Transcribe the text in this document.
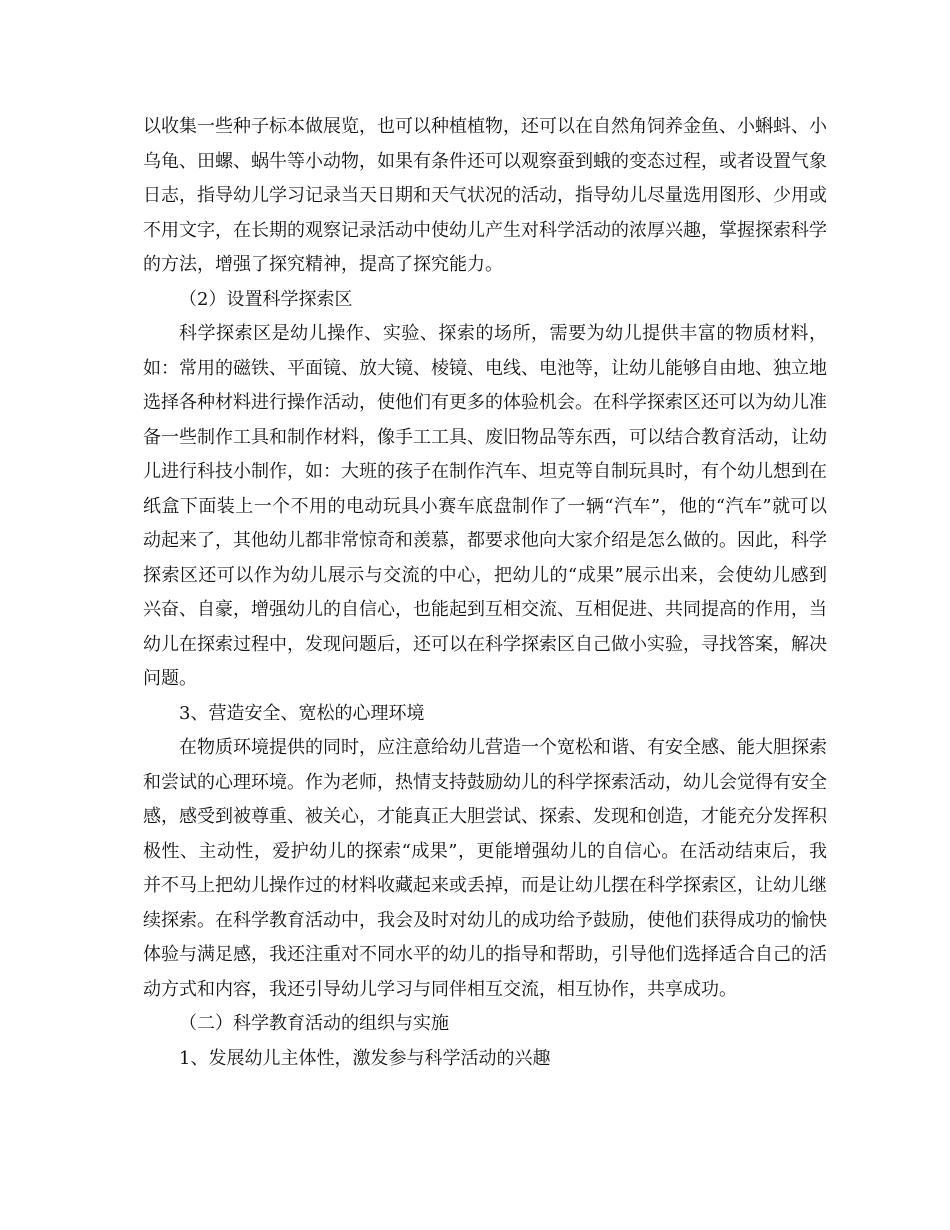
以收集一些种子标本做展览，也可以种植植物，还可以在自然角饲养金鱼、小蝌蚪、小乌龟、田螺、蜗牛等小动物，如果有条件还可以观察蚕到蛾的变态过程，或者设置气象日志，指导幼儿学习记录当天日期和天气状况的活动，指导幼儿尽量选用图形、少用或不用文字，在长期的观察记录活动中使幼儿产生对科学活动的浓厚兴趣，掌握探索科学的方法，增强了探究精神，提高了探究能力。

（2）设置科学探索区

科学探索区是幼儿操作、实验、探索的场所，需要为幼儿提供丰富的物质材料，如：常用的磁铁、平面镜、放大镜、棱镜、电线、电池等，让幼儿能够自由地、独立地选择各种材料进行操作活动，使他们有更多的体验机会。在科学探索区还可以为幼儿准备一些制作工具和制作材料，像手工工具、废旧物品等东西，可以结合教育活动，让幼儿进行科技小制作，如：大班的孩子在制作汽车、坦克等自制玩具时，有个幼儿想到在纸盒下面装上一个不用的电动玩具小赛车底盘制作了一辆“汽车”，他的“汽车”就可以动起来了，其他幼儿都非常惊奇和羡慕，都要求他向大家介绍是怎么做的。因此，科学探索区还可以作为幼儿展示与交流的中心，把幼儿的“成果”展示出来，会使幼儿感到兴奋、自豪，增强幼儿的自信心，也能起到互相交流、互相促进、共同提高的作用，当幼儿在探索过程中，发现问题后，还可以在科学探索区自己做小实验，寻找答案，解决问题。

3、营造安全、宽松的心理环境

在物质环境提供的同时，应注意给幼儿营造一个宽松和谐、有安全感、能大胆探索和尝试的心理环境。作为老师，热情支持鼓励幼儿的科学探索活动，幼儿会觉得有安全感，感受到被尊重、被关心，才能真正大胆尝试、探索、发现和创造，才能充分发挥积极性、主动性，爱护幼儿的探索“成果”，更能增强幼儿的自信心。在活动结束后，我并不马上把幼儿操作过的材料收藏起来或丢掉，而是让幼儿摆在科学探索区，让幼儿继续探索。在科学教育活动中，我会及时对幼儿的成功给予鼓励，使他们获得成功的愉快体验与满足感，我还注重对不同水平的幼儿的指导和帮助，引导他们选择适合自己的活动方式和内容，我还引导幼儿学习与同伴相互交流，相互协作，共享成功。

（二）科学教育活动的组织与实施

1、发展幼儿主体性，激发参与科学活动的兴趣
